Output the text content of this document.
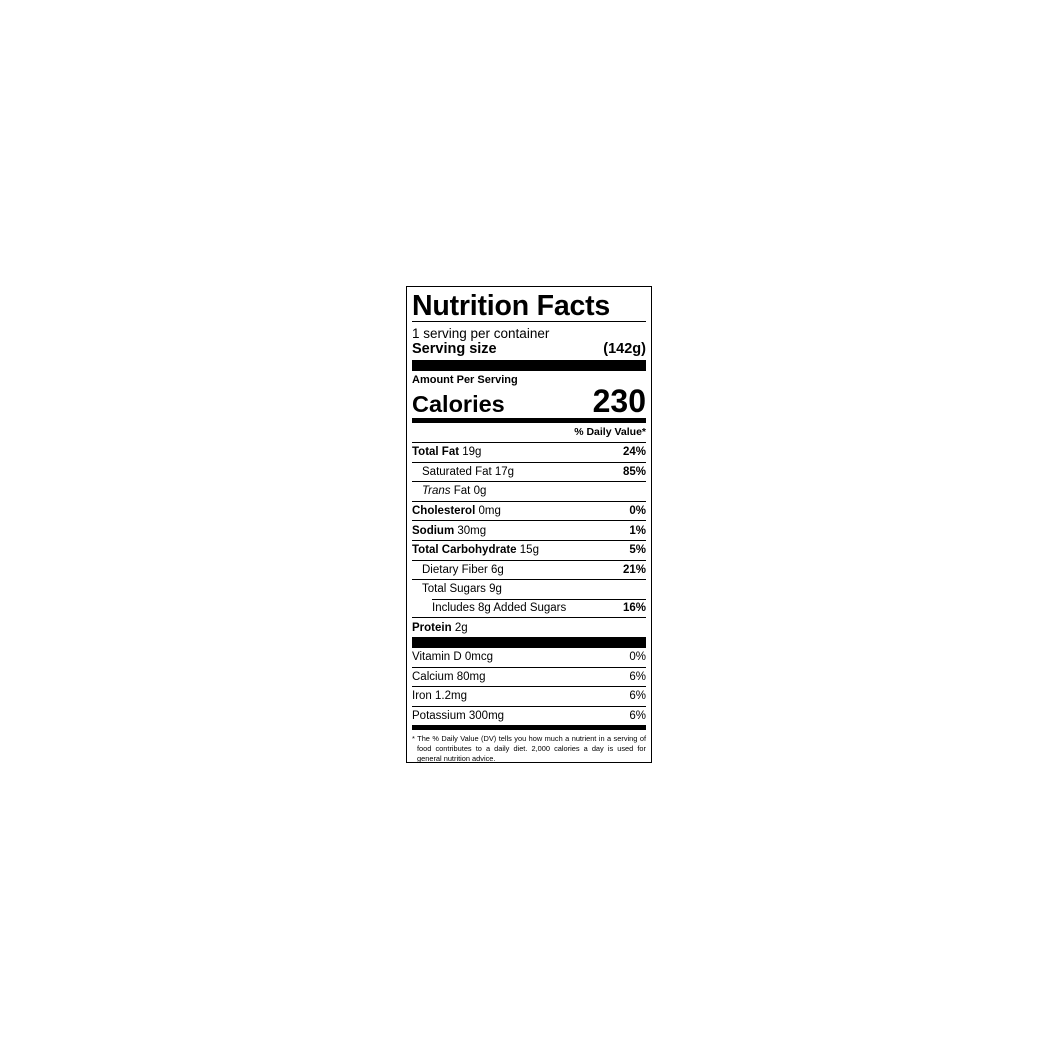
Nutrition Facts
1 serving per container
Serving size	(142g)
Amount Per Serving
Calories	230
% Daily Value*
Total Fat 19g	24%
Saturated Fat 17g	85%
Trans Fat 0g
Cholesterol 0mg	0%
Sodium 30mg	1%
Total Carbohydrate 15g	5%
Dietary Fiber 6g	21%
Total Sugars 9g
Includes 8g Added Sugars	16%
Protein 2g
Vitamin D 0mcg	0%
Calcium 80mg	6%
Iron 1.2mg	6%
Potassium 300mg	6%
* The % Daily Value (DV) tells you how much a nutrient in a serving of food contributes to a daily diet. 2,000 calories a day is used for general nutrition advice.
